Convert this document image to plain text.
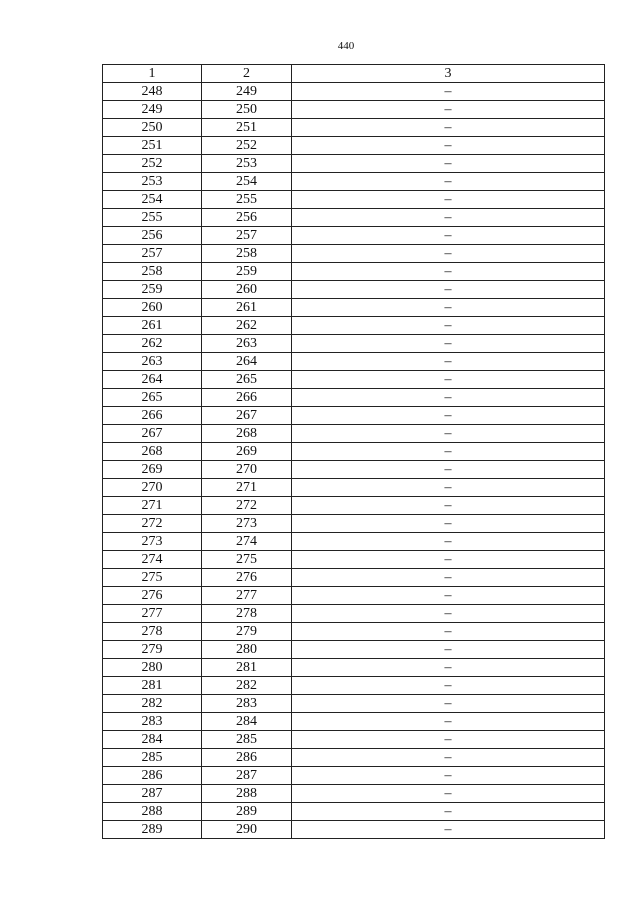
440
1	2	3
248	249	–
249	250	–
250	251	–
251	252	–
252	253	–
253	254	–
254	255	–
255	256	–
256	257	–
257	258	–
258	259	–
259	260	–
260	261	–
261	262	–
262	263	–
263	264	–
264	265	–
265	266	–
266	267	–
267	268	–
268	269	–
269	270	–
270	271	–
271	272	–
272	273	–
273	274	–
274	275	–
275	276	–
276	277	–
277	278	–
278	279	–
279	280	–
280	281	–
281	282	–
282	283	–
283	284	–
284	285	–
285	286	–
286	287	–
287	288	–
288	289	–
289	290	–
